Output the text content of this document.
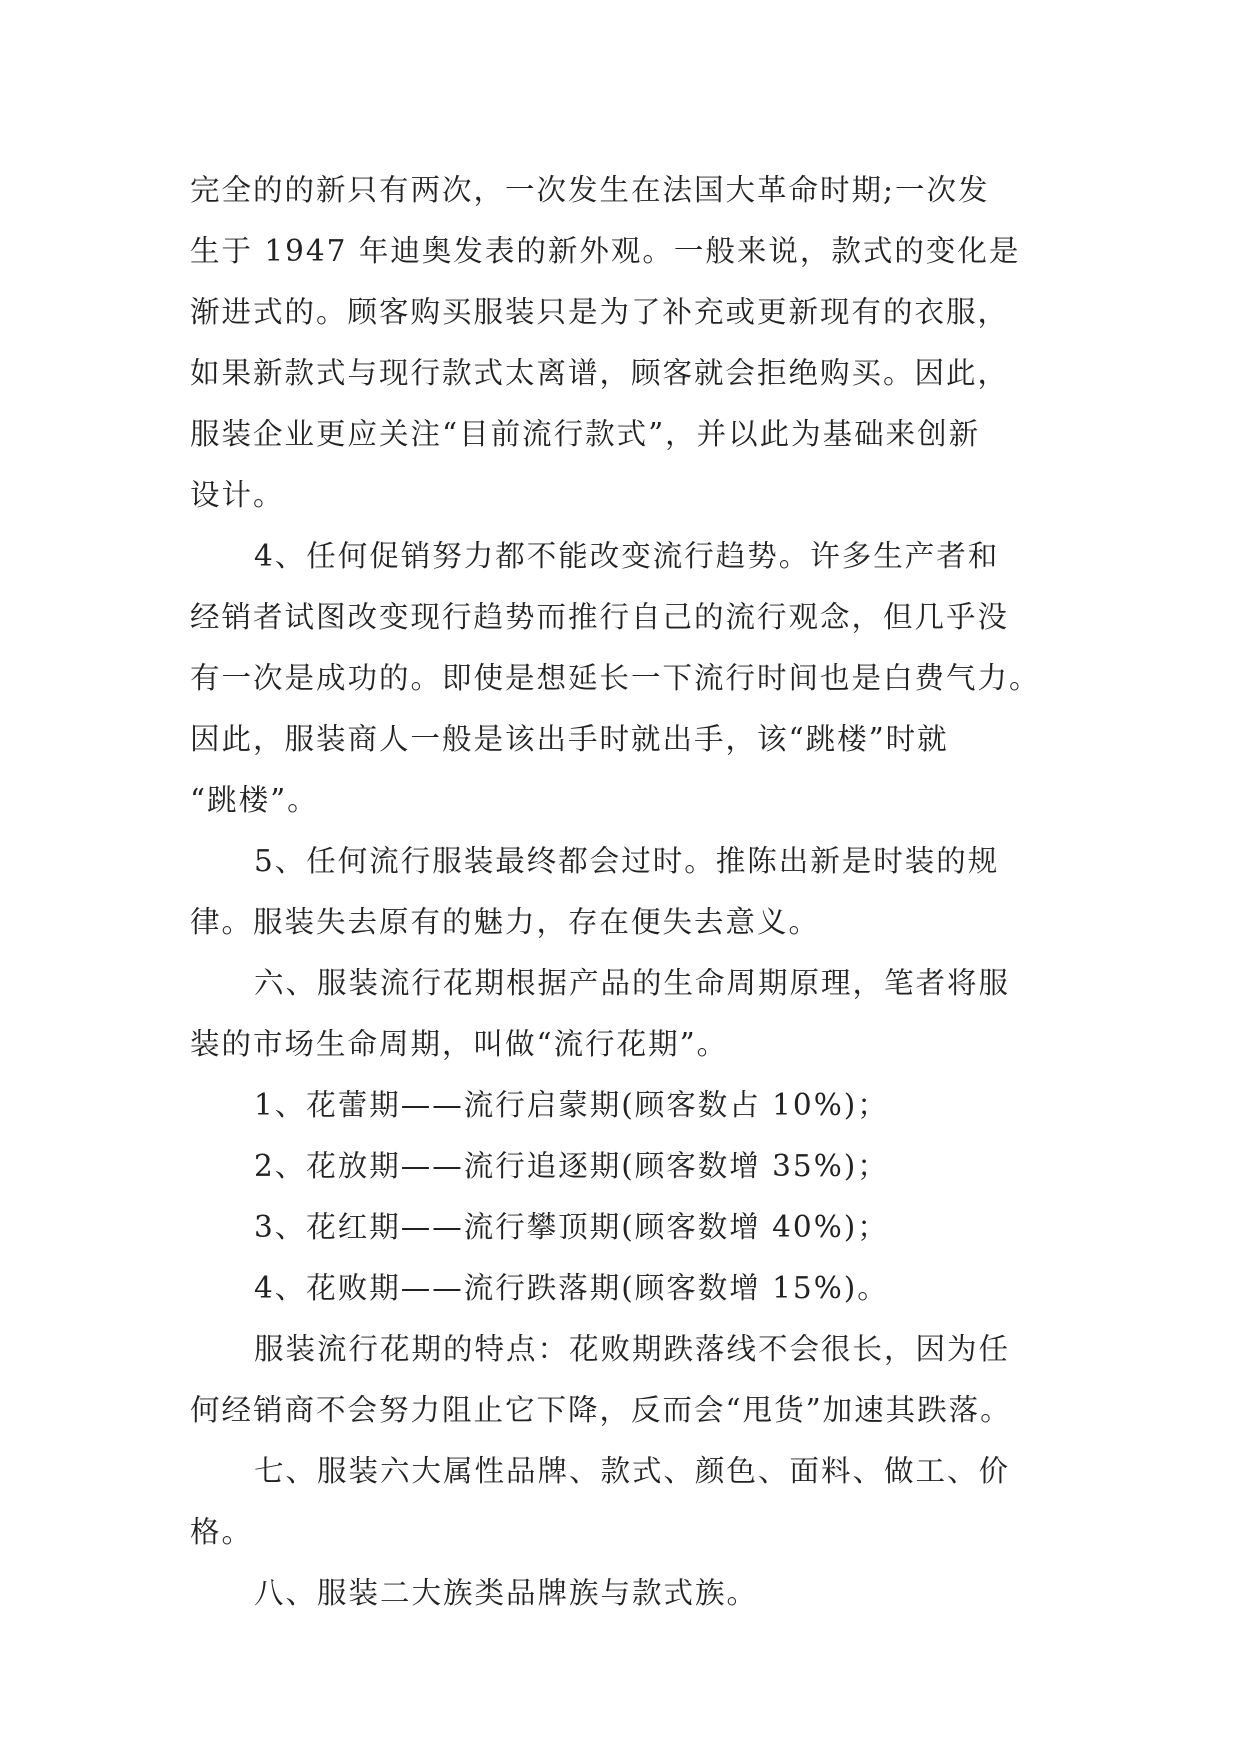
完全的的新只有两次，一次发生在法国大革命时期;一次发
生于 1947 年迪奥发表的新外观。一般来说，款式的变化是
渐进式的。顾客购买服装只是为了补充或更新现有的衣服，
如果新款式与现行款式太离谱，顾客就会拒绝购买。因此，
服装企业更应关注“目前流行款式”，并以此为基础来创新
设计。
4、任何促销努力都不能改变流行趋势。许多生产者和
经销者试图改变现行趋势而推行自己的流行观念，但几乎没
有一次是成功的。即使是想延长一下流行时间也是白费气力。
因此，服装商人一般是该出手时就出手，该“跳楼”时就
“跳楼”。
5、任何流行服装最终都会过时。推陈出新是时装的规
律。服装失去原有的魅力，存在便失去意义。
六、服装流行花期根据产品的生命周期原理，笔者将服
装的市场生命周期，叫做“流行花期”。
1、花蕾期——流行启蒙期(顾客数占 10%)；
2、花放期——流行追逐期(顾客数增 35%)；
3、花红期——流行攀顶期(顾客数增 40%)；
4、花败期——流行跌落期(顾客数增 15%)。
服装流行花期的特点：花败期跌落线不会很长，因为任
何经销商不会努力阻止它下降，反而会“甩货”加速其跌落。
七、服装六大属性品牌、款式、颜色、面料、做工、价
格。
八、服装二大族类品牌族与款式族。
